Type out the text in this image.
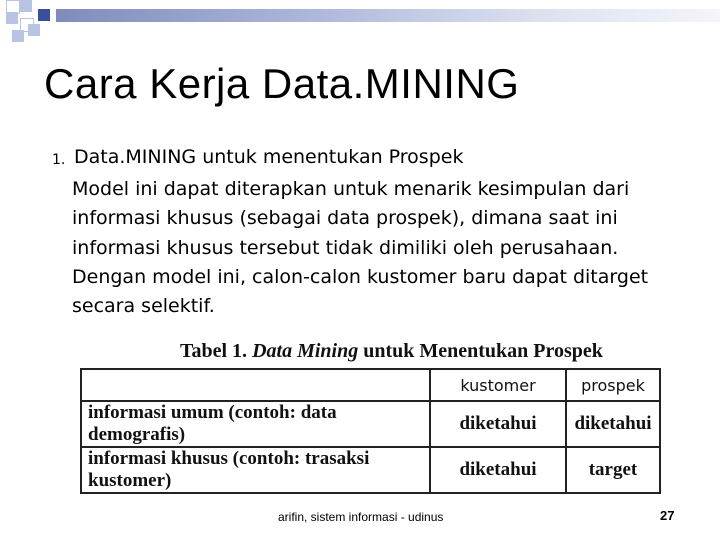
Cara Kerja Data.MINING
1. Data.MINING untuk menentukan Prospek
Model ini dapat diterapkan untuk menarik kesimpulan dari informasi khusus (sebagai data prospek), dimana saat ini informasi khusus tersebut tidak dimiliki oleh perusahaan. Dengan model ini, calon-calon kustomer baru dapat ditarget secara selektif.
Tabel 1. Data Mining untuk Menentukan Prospek
	kustomer	prospek
informasi umum (contoh: data demografis)	diketahui	diketahui
informasi khusus (contoh: trasaksi kustomer)	diketahui	target
arifin, sistem informasi - udinus	27
